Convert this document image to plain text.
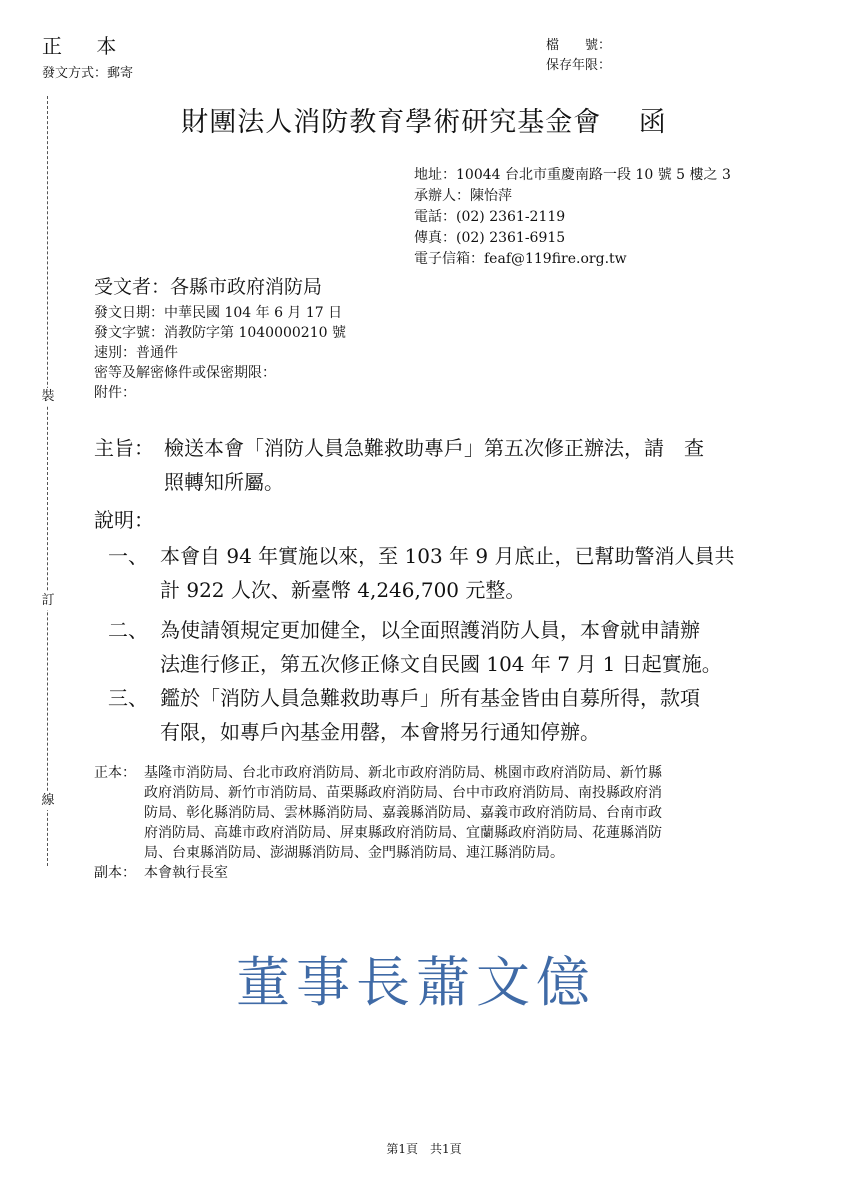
裝
訂
線
正 本
發文方式：郵寄
檔　　號：
保存年限：
財團法人消防教育學術研究基金會　 函
地址：10044 台北市重慶南路一段 10 號 5 樓之 3
承辦人：陳怡萍
電話：(02) 2361-2119
傳真：(02) 2361-6915
電子信箱：feaf@119fire.org.tw
受文者：各縣市政府消防局
發文日期：中華民國 104 年 6 月 17 日
發文字號：消教防字第 1040000210 號
速別：普通件
密等及解密條件或保密期限：
附件：
主旨： 檢送本會「消防人員急難救助專戶」第五次修正辦法，請　查
照轉知所屬。
說明：
一、 本會自 94 年實施以來，至 103 年 9 月底止，已幫助警消人員共
計 922 人次、新臺幣 4,246,700 元整。
二、 為使請領規定更加健全，以全面照護消防人員，本會就申請辦
法進行修正，第五次修正條文自民國 104 年 7 月 1 日起實施。
三、 鑑於「消防人員急難救助專戶」所有基金皆由自募所得，款項
有限，如專戶內基金用罄，本會將另行通知停辦。
正本： 基隆市消防局、台北市政府消防局、新北市政府消防局、桃園市政府消防局、新竹縣
政府消防局、新竹市消防局、苗栗縣政府消防局、台中市政府消防局、南投縣政府消
防局、彰化縣消防局、雲林縣消防局、嘉義縣消防局、嘉義市政府消防局、台南市政
府消防局、高雄市政府消防局、屏東縣政府消防局、宜蘭縣政府消防局、花蓮縣消防
局、台東縣消防局、澎湖縣消防局、金門縣消防局、連江縣消防局。
副本： 本會執行長室
董事長蕭文億
第1頁　共1頁
